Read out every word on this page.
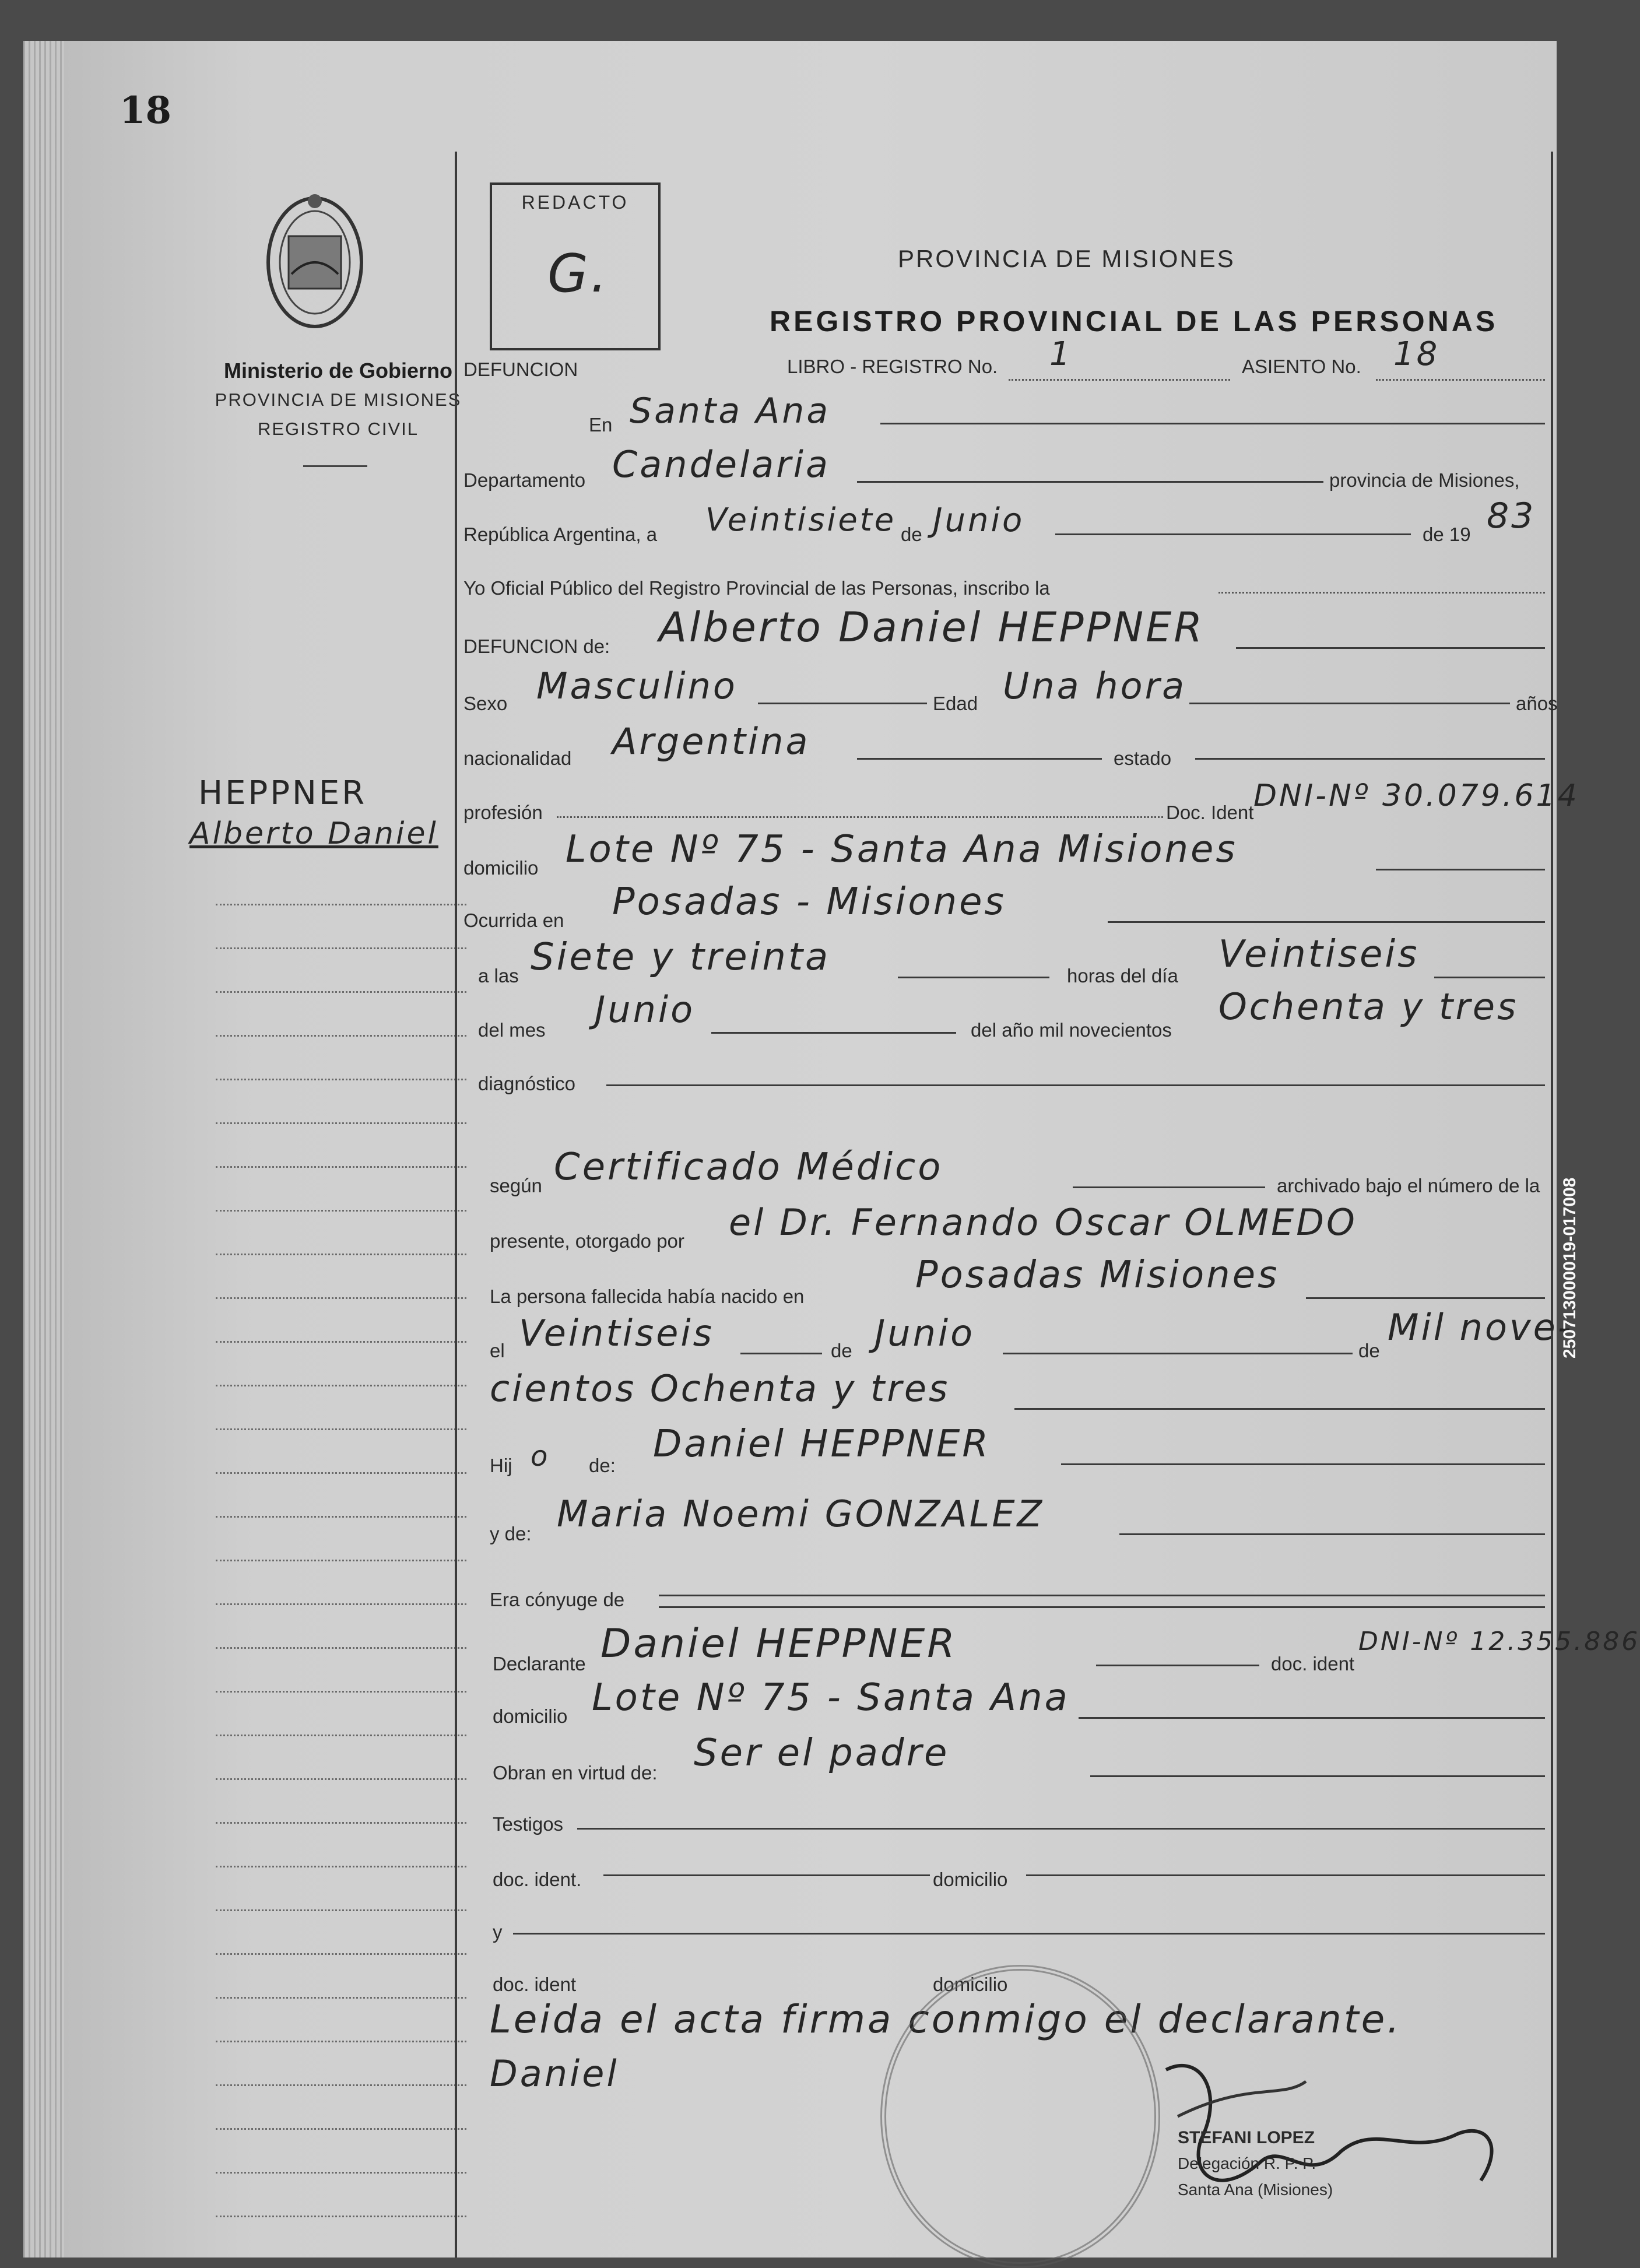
18
Ministerio de Gobierno
PROVINCIA DE MISIONES
REGISTRO CIVIL
HEPPNER
Alberto Daniel
REDACTO
G.	PROVINCIA DE MISIONES
REGISTRO PROVINCIAL DE LAS PERSONAS
DEFUNCION	LIBRO - REGISTRO No. 1	ASIENTO No. 18
En Santa Ana
Departamento Candelaria	provincia de Misiones,
República Argentina, a Veintisiete de Junio	de 19 83
Yo Oficial Público del Registro Provincial de las Personas, inscribo la
DEFUNCION de: Alberto Daniel HEPPNER
Sexo Masculino	Edad Una hora	años
nacionalidad Argentina	estado
profesión	Doc. Ident DNI-Nº 30.079.614
domicilio Lote Nº 75 - Santa Ana Misiones
Ocurrida en Posadas - Misiones
a las Siete y treinta	horas del día Veintiseis
del mes Junio	del año mil novecientos
Ochenta y tres
diagnóstico
según Certificado Médico	archivado bajo el número de la
presente, otorgado por el Dr. Fernando Oscar OLMEDO
La persona fallecida había nacido en	Posadas Misiones
el Veintiseis	de Junio	de
Mil nove-
cientos Ochenta y tres
Hij o de: Daniel HEPPNER
y de: Maria Noemi GONZALEZ
Era cónyuge de
Declarante Daniel HEPPNER	doc. ident
DNI-Nº 12.355.886
domicilio Lote Nº 75 - Santa Ana
Obran en virtud de: Ser el padre
Testigos
doc. ident.	domicilio
y
doc. ident	domicilio
Leida el acta firma conmigo el declarante.
Daniel
STEFANI LOPEZ
Delegación R. P. P.
Santa Ana (Misiones)
25071300001​9-017008
